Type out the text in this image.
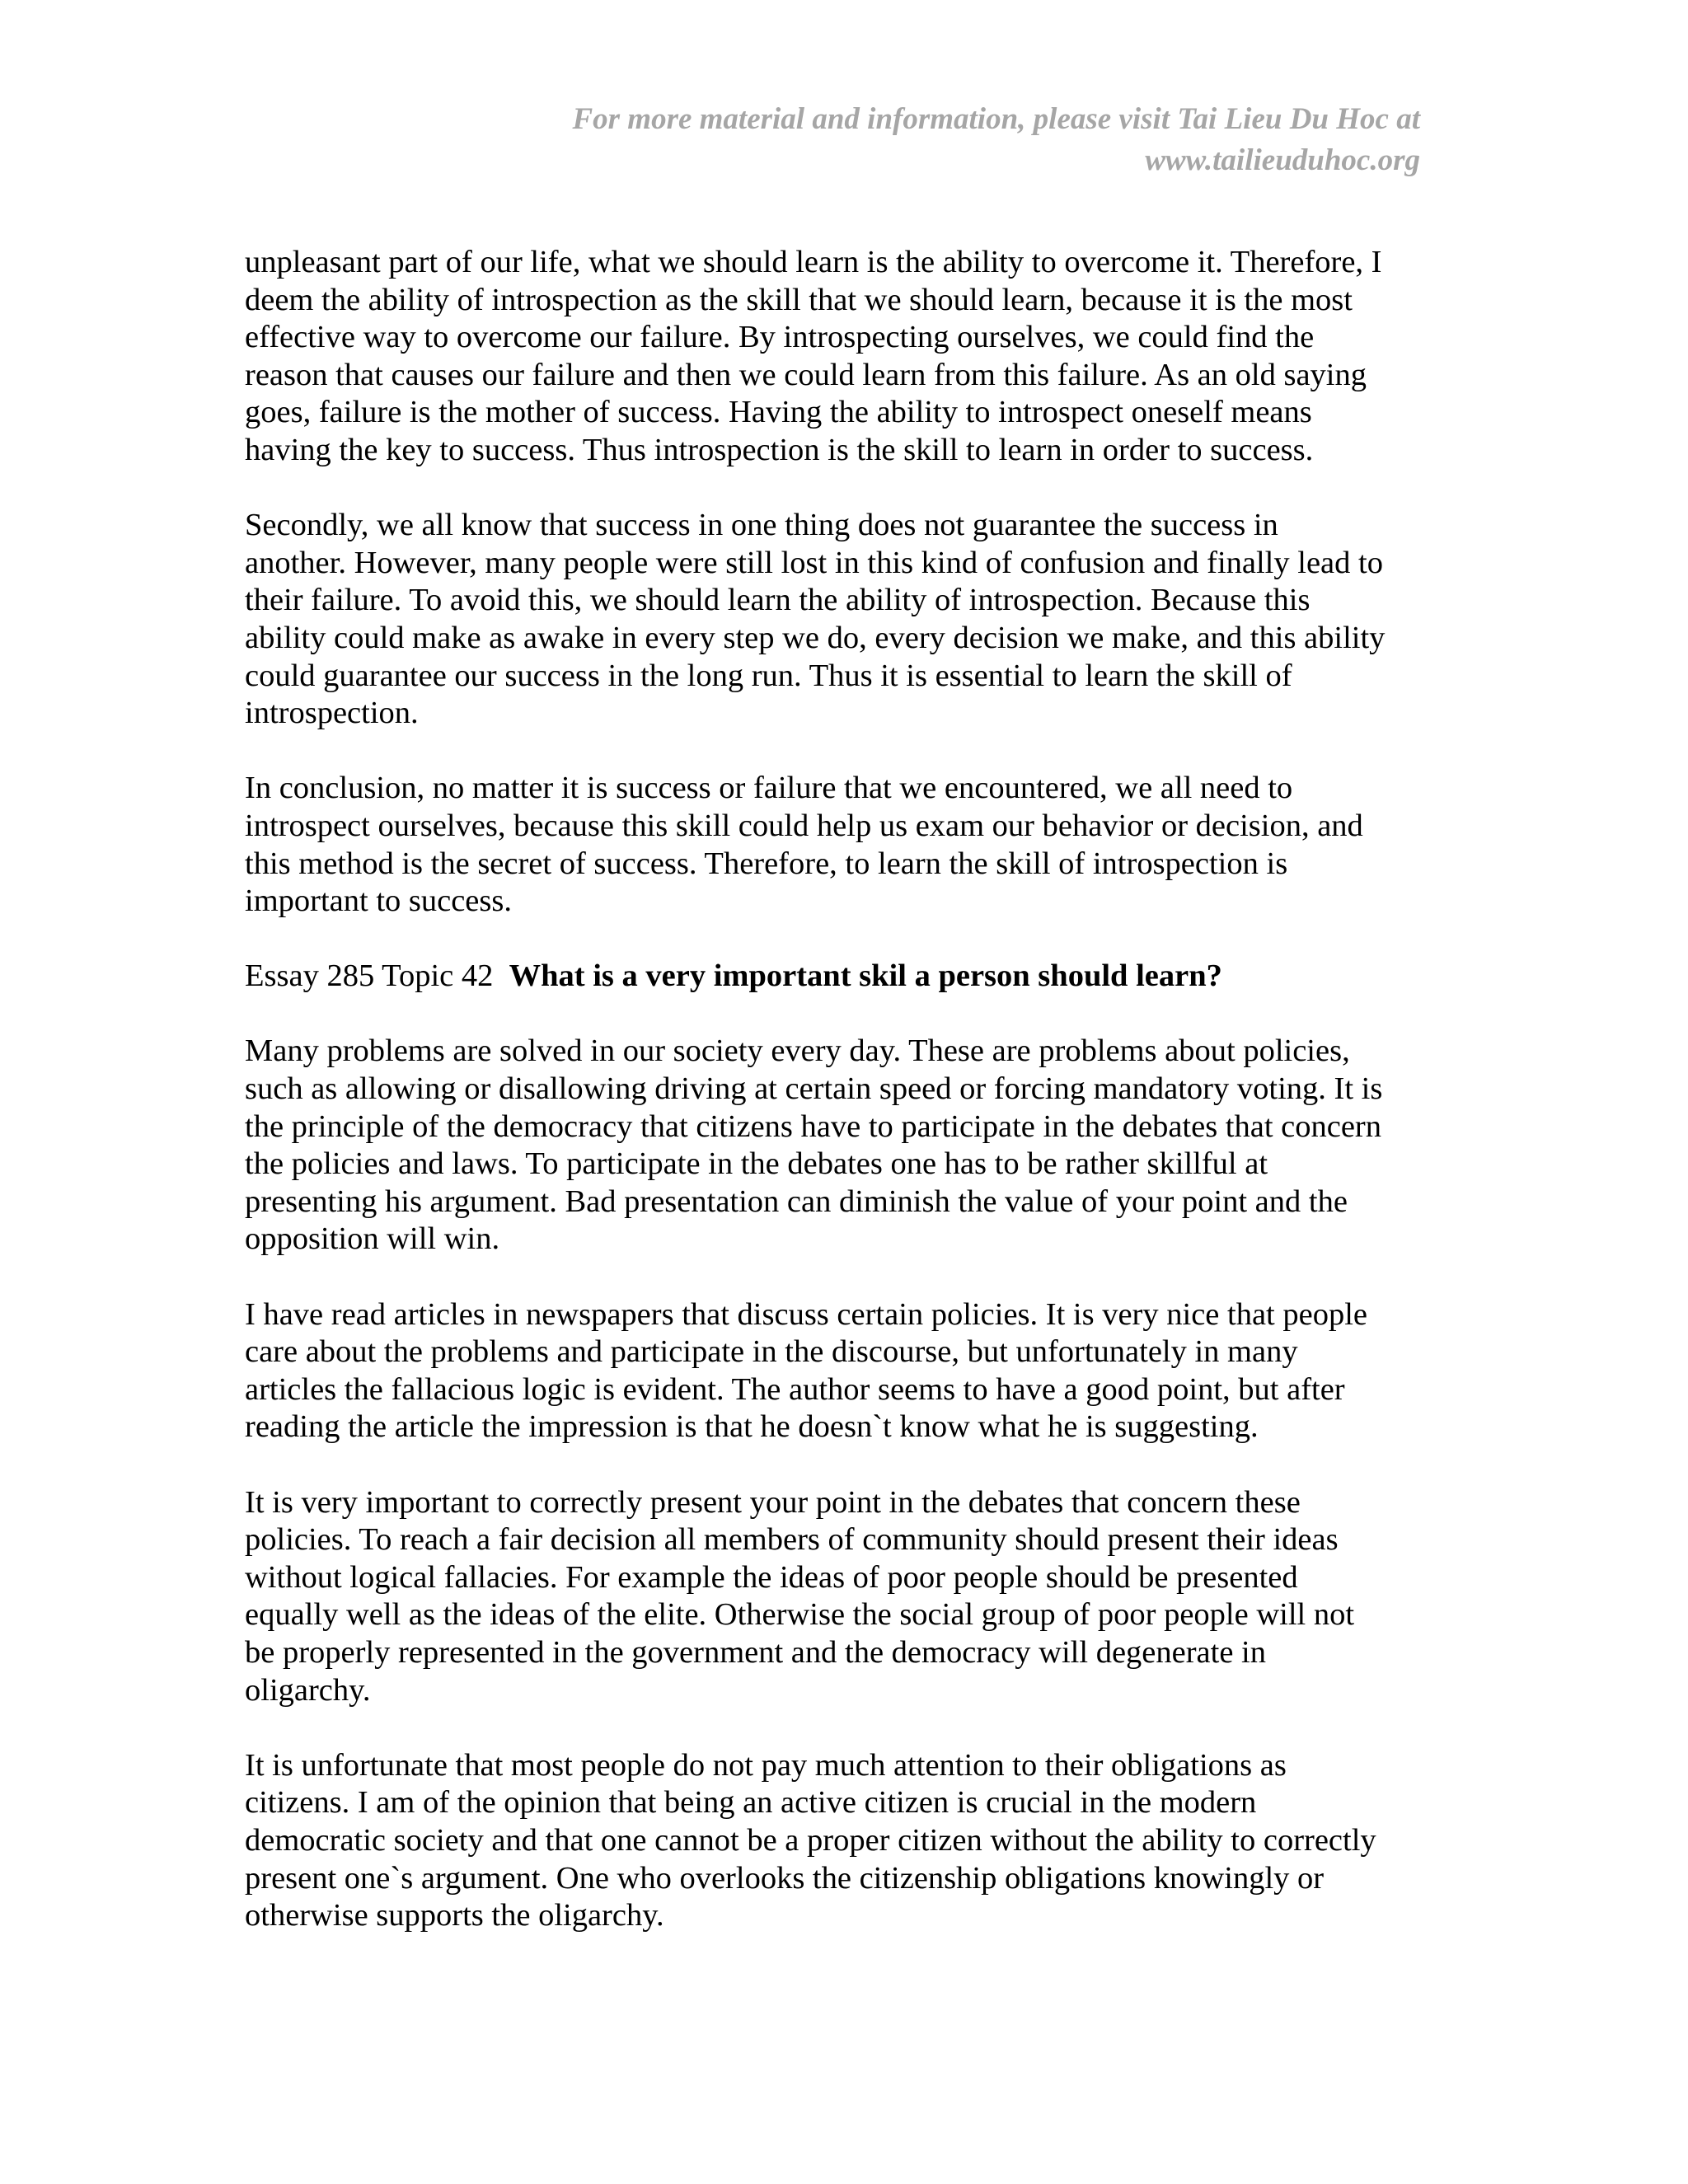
For more material and information, please visit Tai Lieu Du Hoc at
www.tailieuduhoc.org
unpleasant part of our life, what we should learn is the ability to overcome it. Therefore, I
deem the ability of introspection as the skill that we should learn, because it is the most
effective way to overcome our failure. By introspecting ourselves, we could find the
reason that causes our failure and then we could learn from this failure. As an old saying
goes, failure is the mother of success. Having the ability to introspect oneself means
having the key to success. Thus introspection is the skill to learn in order to success.
Secondly, we all know that success in one thing does not guarantee the success in
another. However, many people were still lost in this kind of confusion and finally lead to
their failure. To avoid this, we should learn the ability of introspection. Because this
ability could make as awake in every step we do, every decision we make, and this ability
could guarantee our success in the long run. Thus it is essential to learn the skill of
introspection.
In conclusion, no matter it is success or failure that we encountered, we all need to
introspect ourselves, because this skill could help us exam our behavior or decision, and
this method is the secret of success. Therefore, to learn the skill of introspection is
important to success.
Essay 285 Topic 42 What is a very important skil a person should learn?
Many problems are solved in our society every day. These are problems about policies,
such as allowing or disallowing driving at certain speed or forcing mandatory voting. It is
the principle of the democracy that citizens have to participate in the debates that concern
the policies and laws. To participate in the debates one has to be rather skillful at
presenting his argument. Bad presentation can diminish the value of your point and the
opposition will win.
I have read articles in newspapers that discuss certain policies. It is very nice that people
care about the problems and participate in the discourse, but unfortunately in many
articles the fallacious logic is evident. The author seems to have a good point, but after
reading the article the impression is that he doesn`t know what he is suggesting.
It is very important to correctly present your point in the debates that concern these
policies. To reach a fair decision all members of community should present their ideas
without logical fallacies. For example the ideas of poor people should be presented
equally well as the ideas of the elite. Otherwise the social group of poor people will not
be properly represented in the government and the democracy will degenerate in
oligarchy.
It is unfortunate that most people do not pay much attention to their obligations as
citizens. I am of the opinion that being an active citizen is crucial in the modern
democratic society and that one cannot be a proper citizen without the ability to correctly
present one`s argument. One who overlooks the citizenship obligations knowingly or
otherwise supports the oligarchy.
